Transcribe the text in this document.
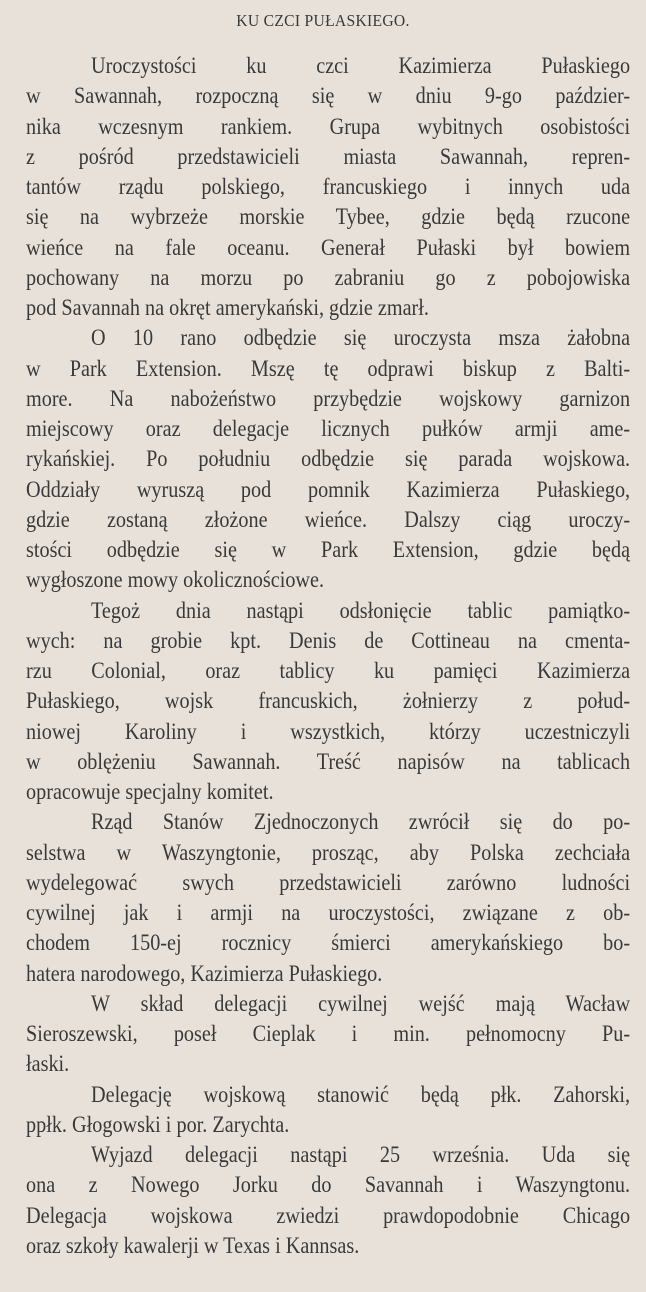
KU CZCI PUŁASKIEGO.
Uroczystości ku czci Kazimierza Pułaskiego
w Sawannah, rozpoczną się w dniu 9-go paździer-
nika wczesnym rankiem. Grupa wybitnych osobistości
z pośród przedstawicieli miasta Sawannah, repren-
tantów rządu polskiego, francuskiego i innych uda
się na wybrzeże morskie Tybee, gdzie będą rzucone
wieńce na fale oceanu. Generał Pułaski był bowiem
pochowany na morzu po zabraniu go z pobojowiska
pod Savannah na okręt amerykański, gdzie zmarł.
O 10 rano odbędzie się uroczysta msza żałobna
w Park Extension. Mszę tę odprawi biskup z Balti-
more. Na nabożeństwo przybędzie wojskowy garnizon
miejscowy oraz delegacje licznych pułków armji ame-
rykańskiej. Po południu odbędzie się parada wojskowa.
Oddziały wyruszą pod pomnik Kazimierza Pułaskiego,
gdzie zostaną złożone wieńce. Dalszy ciąg uroczy-
stości odbędzie się w Park Extension, gdzie będą
wygłoszone mowy okolicznościowe.
Tegoż dnia nastąpi odsłonięcie tablic pamiątko-
wych: na grobie kpt. Denis de Cottineau na cmenta-
rzu Colonial, oraz tablicy ku pamięci Kazimierza
Pułaskiego, wojsk francuskich, żołnierzy z połud-
niowej Karoliny i wszystkich, którzy uczestniczyli
w oblężeniu Sawannah. Treść napisów na tablicach
opracowuje specjalny komitet.
Rząd Stanów Zjednoczonych zwrócił się do po-
selstwa w Waszyngtonie, prosząc, aby Polska zechciała
wydelegować swych przedstawicieli zarówno ludności
cywilnej jak i armji na uroczystości, związane z ob-
chodem 150-ej rocznicy śmierci amerykańskiego bo-
hatera narodowego, Kazimierza Pułaskiego.
W skład delegacji cywilnej wejść mają Wacław
Sieroszewski, poseł Cieplak i min. pełnomocny Pu-
łaski.
Delegację wojskową stanowić będą płk. Zahorski,
ppłk. Głogowski i por. Zarychta.
Wyjazd delegacji nastąpi 25 września. Uda się
ona z Nowego Jorku do Savannah i Waszyngtonu.
Delegacja wojskowa zwiedzi prawdopodobnie Chicago
oraz szkoły kawalerji w Texas i Kannsas.
